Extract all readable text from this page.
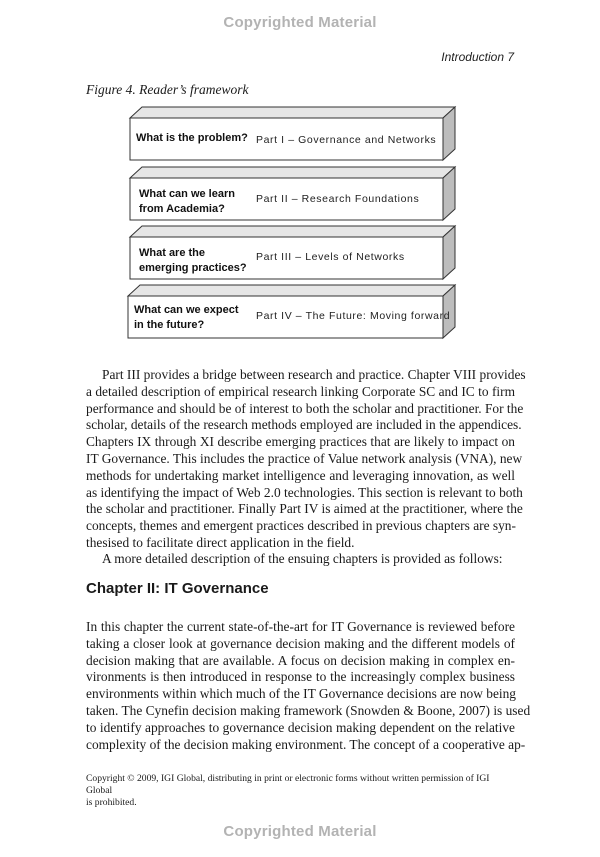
Copyrighted Material
Introduction 7
Figure 4. Reader’s framework
What is the problem? Part I – Governance and Networks
What can we learn
from Academia?
Part II – Research Foundations
What are the
emerging practices?
Part III – Levels of Networks
What can we expect
in the future?
Part IV – The Future: Moving forward
Part III provides a bridge between research and practice. Chapter VIII provides
a detailed description of empirical research linking Corporate SC and IC to firm
performance and should be of interest to both the scholar and practitioner. For the
scholar, details of the research methods employed are included in the appendices.
Chapters IX through XI describe emerging practices that are likely to impact on
IT Governance. This includes the practice of Value network analysis (VNA), new
methods for undertaking market intelligence and leveraging innovation, as well
as identifying the impact of Web 2.0 technologies. This section is relevant to both
the scholar and practitioner. Finally Part IV is aimed at the practitioner, where the
concepts, themes and emergent practices described in previous chapters are syn-
thesised to facilitate direct application in the field.
A more detailed description of the ensuing chapters is provided as follows:
Chapter II: IT Governance
In this chapter the current state-of-the-art for IT Governance is reviewed before
taking a closer look at governance decision making and the different models of
decision making that are available. A focus on decision making in complex en-
vironments is then introduced in response to the increasingly complex business
environments within which much of the IT Governance decisions are now being
taken. The Cynefin decision making framework (Snowden & Boone, 2007) is used
to identify approaches to governance decision making dependent on the relative
complexity of the decision making environment. The concept of a cooperative ap-
Copyright © 2009, IGI Global, distributing in print or electronic forms without written permission of IGI Global
is prohibited.
Copyrighted Material
